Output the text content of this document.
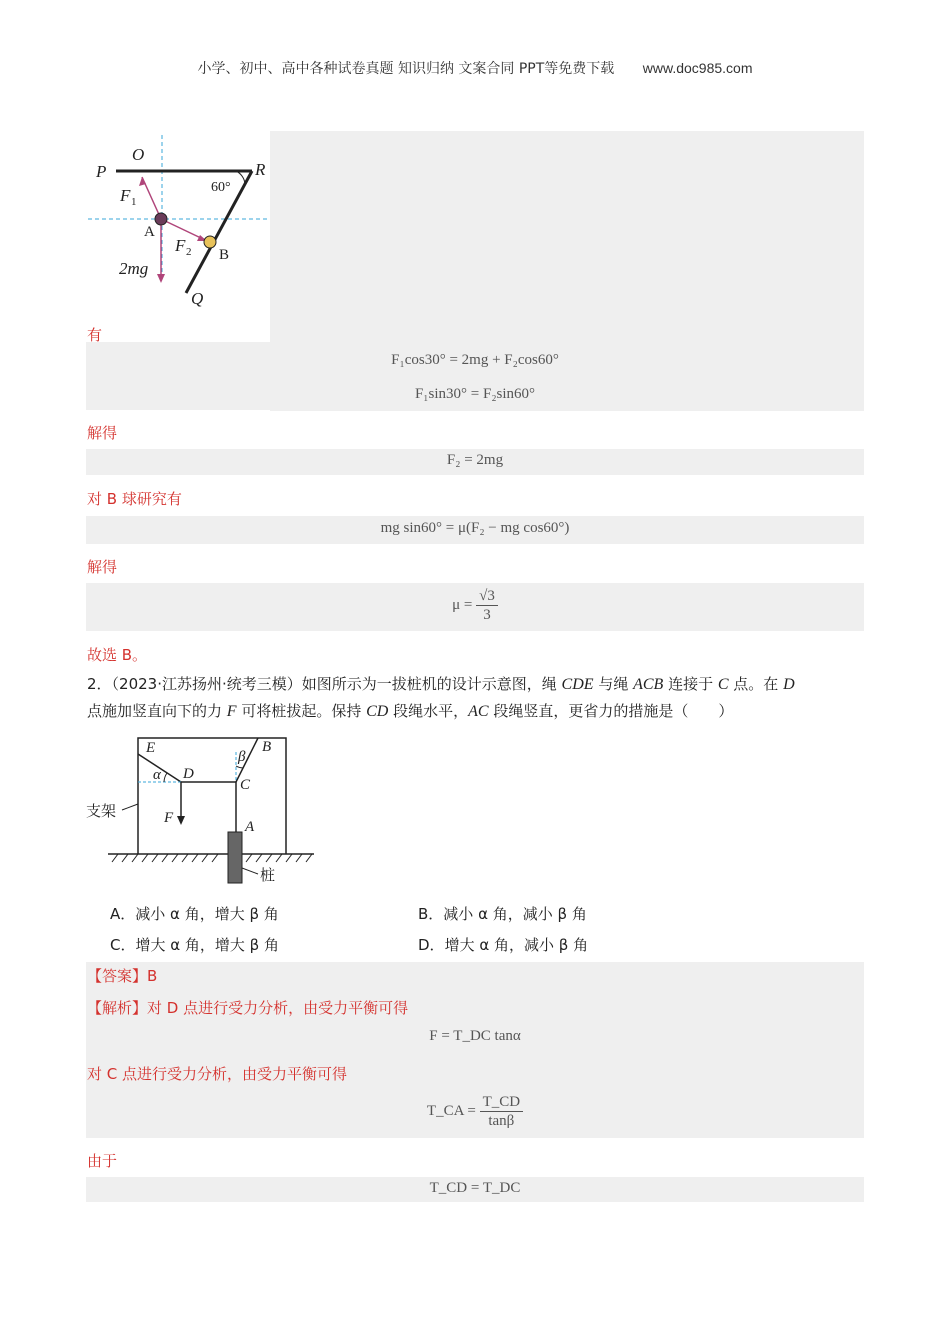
小学、初中、高中各种试卷真题 知识归纳 文案合同 PPT等免费下载 www.doc985.com
P
O
R
60°
F 1
A
F 2 B
2mg
Q
有
F₁cos30° = 2mg + F₂cos60°
F₁sin30° = F₂sin60°
解得
F₂ = 2mg
对 B 球研究有
mg sin60° = μ(F₂ − mg cos60°)
解得
$\mu = \frac{√3}{3}$
故选 B。
2．（2023·江苏扬州·统考三模）如图所示为一拔桩机的设计示意图，绳 CDE 与绳 ACB 连接于 C 点。在 D
点施加竖直向下的力 F 可将桩拔起。保持 CD 段绳水平，AC 段绳竖直，更省力的措施是（　　）
E
β
B
α D
C
支架	F
A
桩
A．减小 α 角，增大 β 角	B．减小 α 角，减小 β 角
C．增大 α 角，增大 β 角	D．增大 α 角，减小 β 角
【答案】B
【解析】对 D 点进行受力分析，由受力平衡可得
F = T_DC tanα
对 C 点进行受力分析，由受力平衡可得
T_CA = $\frac{T\_CD}{\tan\beta}$
由于
T_CD = T_DC
